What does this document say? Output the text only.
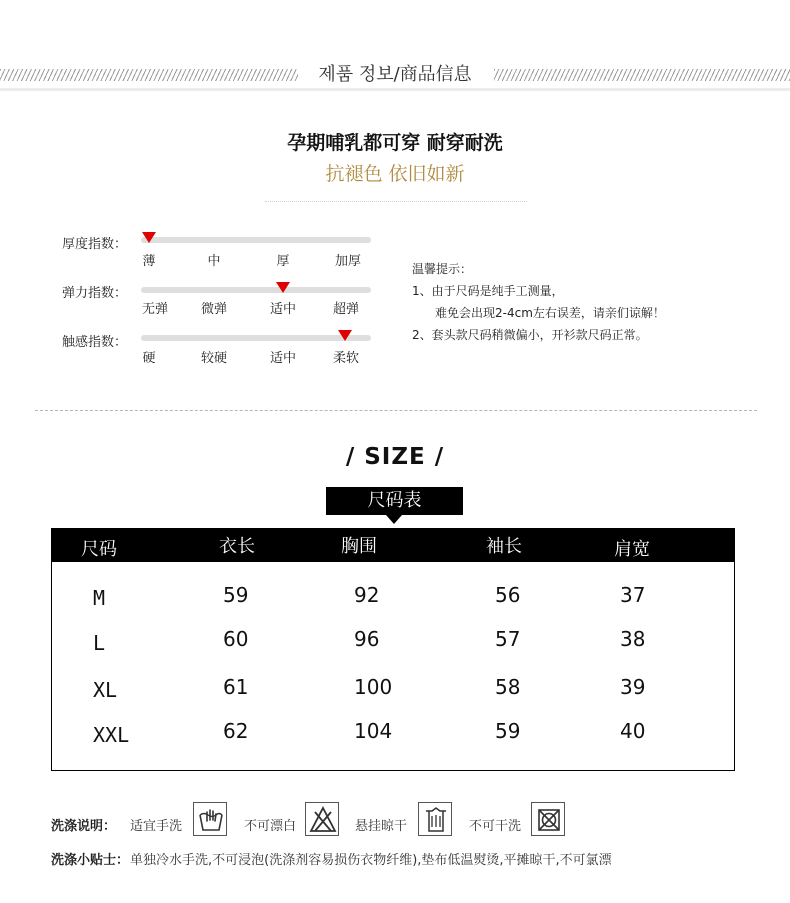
제품 정보/商品信息
孕期哺乳都可穿 耐穿耐洗
抗褪色 依旧如新
厚度指数：
薄	中	厚	加厚
弹力指数：
无弹	微弹	适中	超弹
触感指数：
硬	较硬	适中	柔软
温馨提示：
1、由于尺码是纯手工测量，
难免会出现2-4cm左右误差，请亲们谅解！
2、套头款尺码稍微偏小，开衫款尺码正常。
/ SIZE /
尺码表
尺码	衣长	胸围	袖长	肩宽
M	59	92	56	37
L	60	96	57	38
XL	61	100	58	39
XXL	62	104	59	40
洗涤说明： 适宜手洗	不可漂白	悬挂晾干	不可干洗
洗涤小贴士： 单独冷水手洗,不可浸泡(洗涤剂容易损伤衣物纤维),垫布低温熨烫,平摊晾干,不可氯漂
